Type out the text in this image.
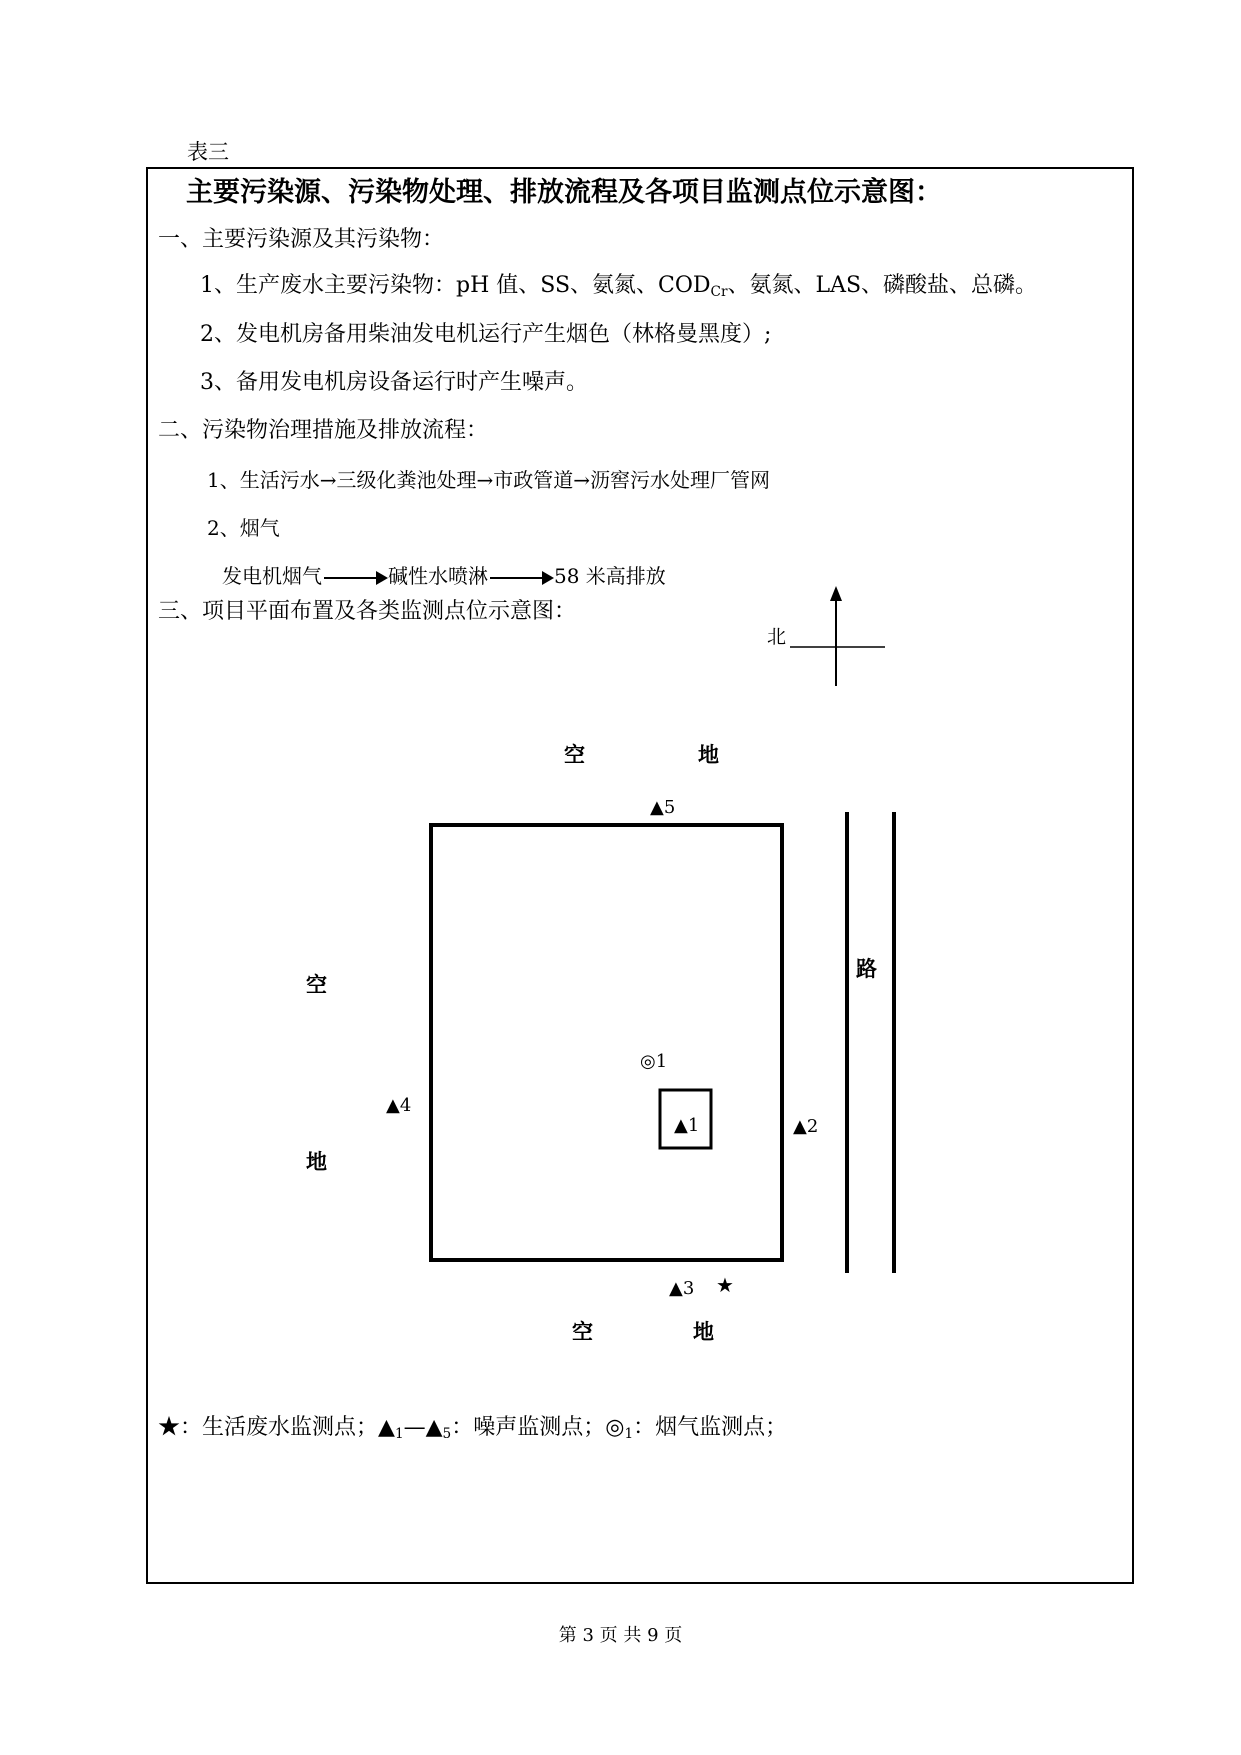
表三
主要污染源、污染物处理、排放流程及各项目监测点位示意图：
一、主要污染源及其污染物：
1、生产废水主要污染物：pH 值、SS、氨氮、$COD_{Cr}$、氨氮、LAS、磷酸盐、总磷。
2、发电机房备用柴油发电机运行产生烟色（林格曼黑度）;
3、备用发电机房设备运行时产生噪声。
二、污染物治理措施及排放流程：
1、生活污水→三级化粪池处理→市政管道→沥窖污水处理厂管网
2、烟气
发电机烟气	碱性水喷淋	58 米高排放
三、项目平面布置及各类监测点位示意图：
北
空	地
路
空
地
▲5
▲4
▲1	▲2
▲3
◎1
★
空	地
★：生活废水监测点；$▲_1—▲_5$：噪声监测点；$◎_1$：烟气监测点；
第 3 页 共 9 页
